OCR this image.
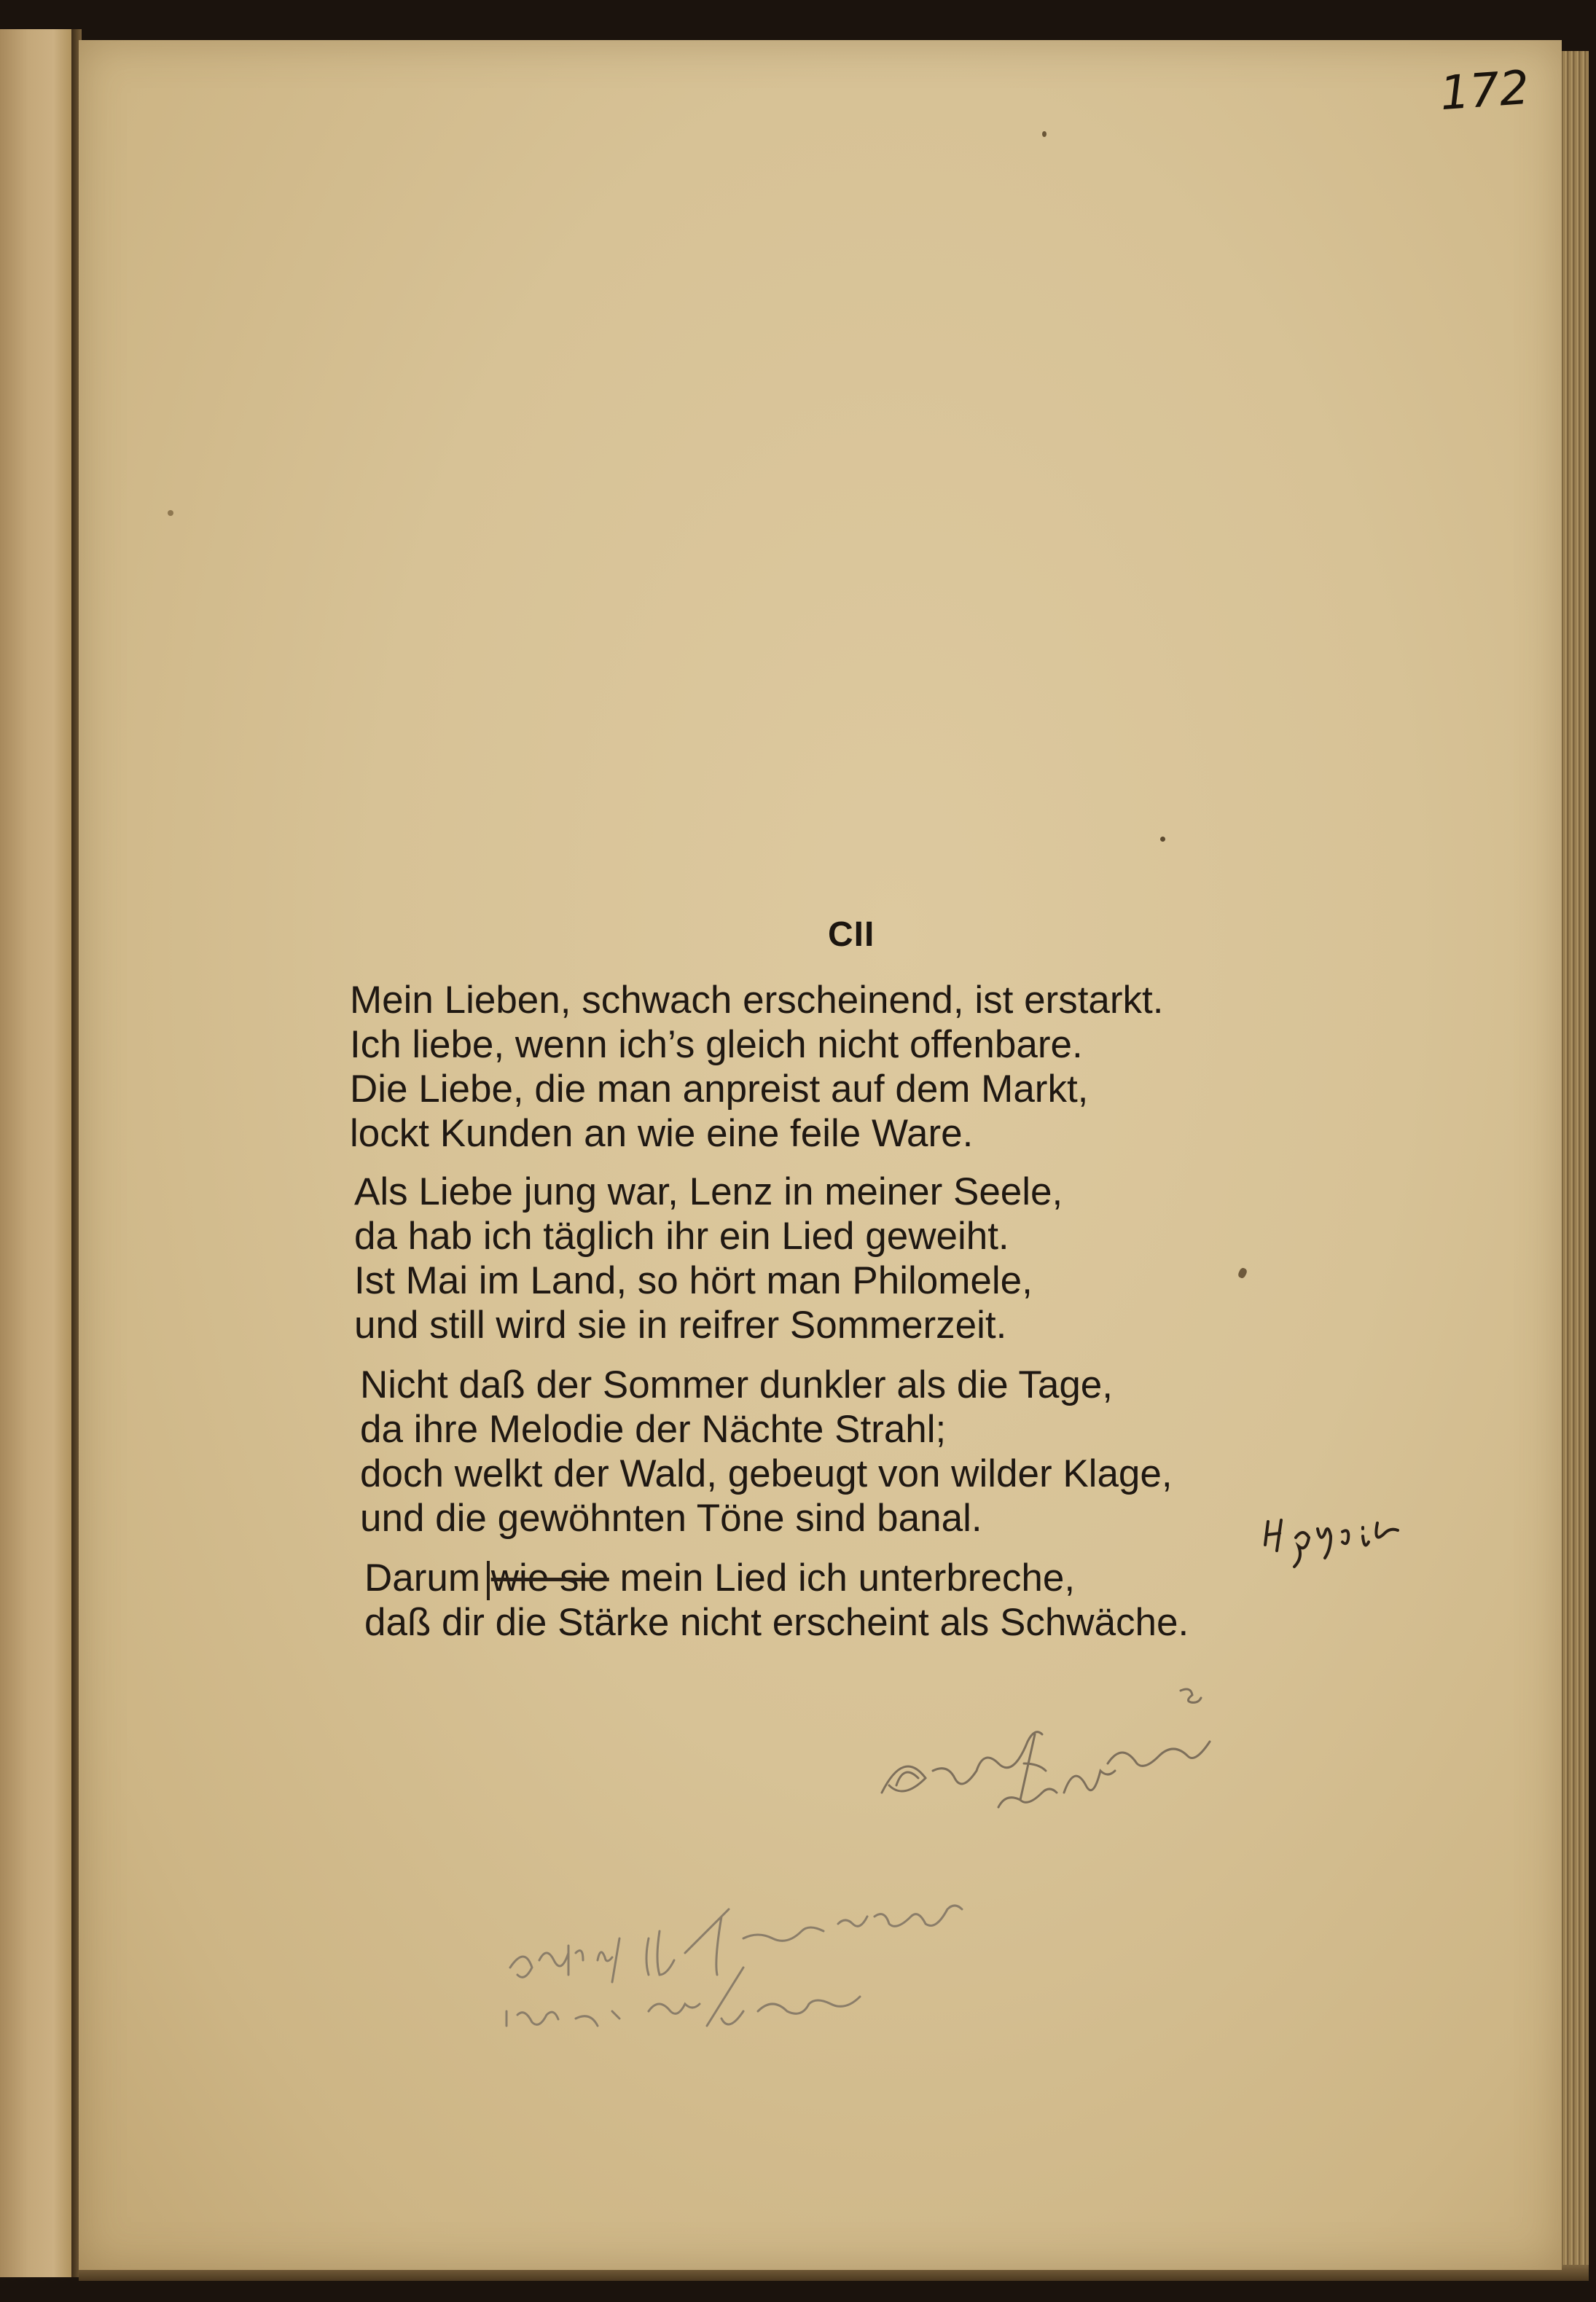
172
CII
Mein Lieben, schwach erscheinend, ist erstarkt.
Ich liebe, wenn ich’s gleich nicht offenbare.
Die Liebe, die man anpreist auf dem Markt,
lockt Kunden an wie eine feile Ware.
Als Liebe jung war, Lenz in meiner Seele,
da hab ich täglich ihr ein Lied geweiht.
Ist Mai im Land, so hört man Philomele,
und still wird sie in reifrer Sommerzeit.
Nicht daß der Sommer dunkler als die Tage,
da ihre Melodie der Nächte Strahl;
doch welkt der Wald, gebeugt von wilder Klage,
und die gewöhnten Töne sind banal.
Darum wie sie mein Lied ich unterbreche,
daß dir die Stärke nicht erscheint als Schwäche.
